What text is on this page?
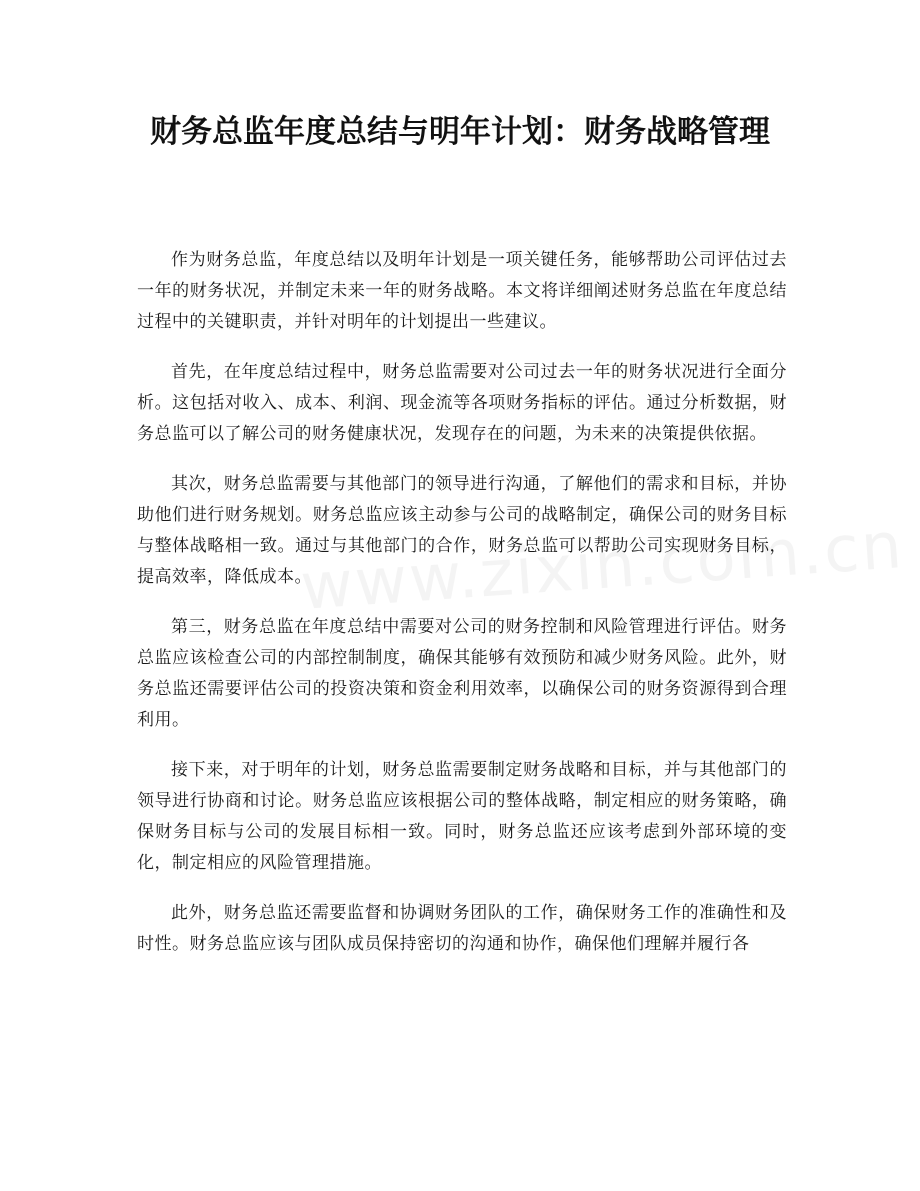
财务总监年度总结与明年计划：财务战略管理

作为财务总监，年度总结以及明年计划是一项关键任务，能够帮助公司评估过去一年的财务状况，并制定未来一年的财务战略。本文将详细阐述财务总监在年度总结过程中的关键职责，并针对明年的计划提出一些建议。

首先，在年度总结过程中，财务总监需要对公司过去一年的财务状况进行全面分析。这包括对收入、成本、利润、现金流等各项财务指标的评估。通过分析数据，财务总监可以了解公司的财务健康状况，发现存在的问题，为未来的决策提供依据。

其次，财务总监需要与其他部门的领导进行沟通，了解他们的需求和目标，并协助他们进行财务规划。财务总监应该主动参与公司的战略制定，确保公司的财务目标与整体战略相一致。通过与其他部门的合作，财务总监可以帮助公司实现财务目标，提高效率，降低成本。

第三，财务总监在年度总结中需要对公司的财务控制和风险管理进行评估。财务总监应该检查公司的内部控制制度，确保其能够有效预防和减少财务风险。此外，财务总监还需要评估公司的投资决策和资金利用效率，以确保公司的财务资源得到合理利用。

接下来，对于明年的计划，财务总监需要制定财务战略和目标，并与其他部门的领导进行协商和讨论。财务总监应该根据公司的整体战略，制定相应的财务策略，确保财务目标与公司的发展目标相一致。同时，财务总监还应该考虑到外部环境的变化，制定相应的风险管理措施。

此外，财务总监还需要监督和协调财务团队的工作，确保财务工作的准确性和及时性。财务总监应该与团队成员保持密切的沟通和协作，确保他们理解并履行各
